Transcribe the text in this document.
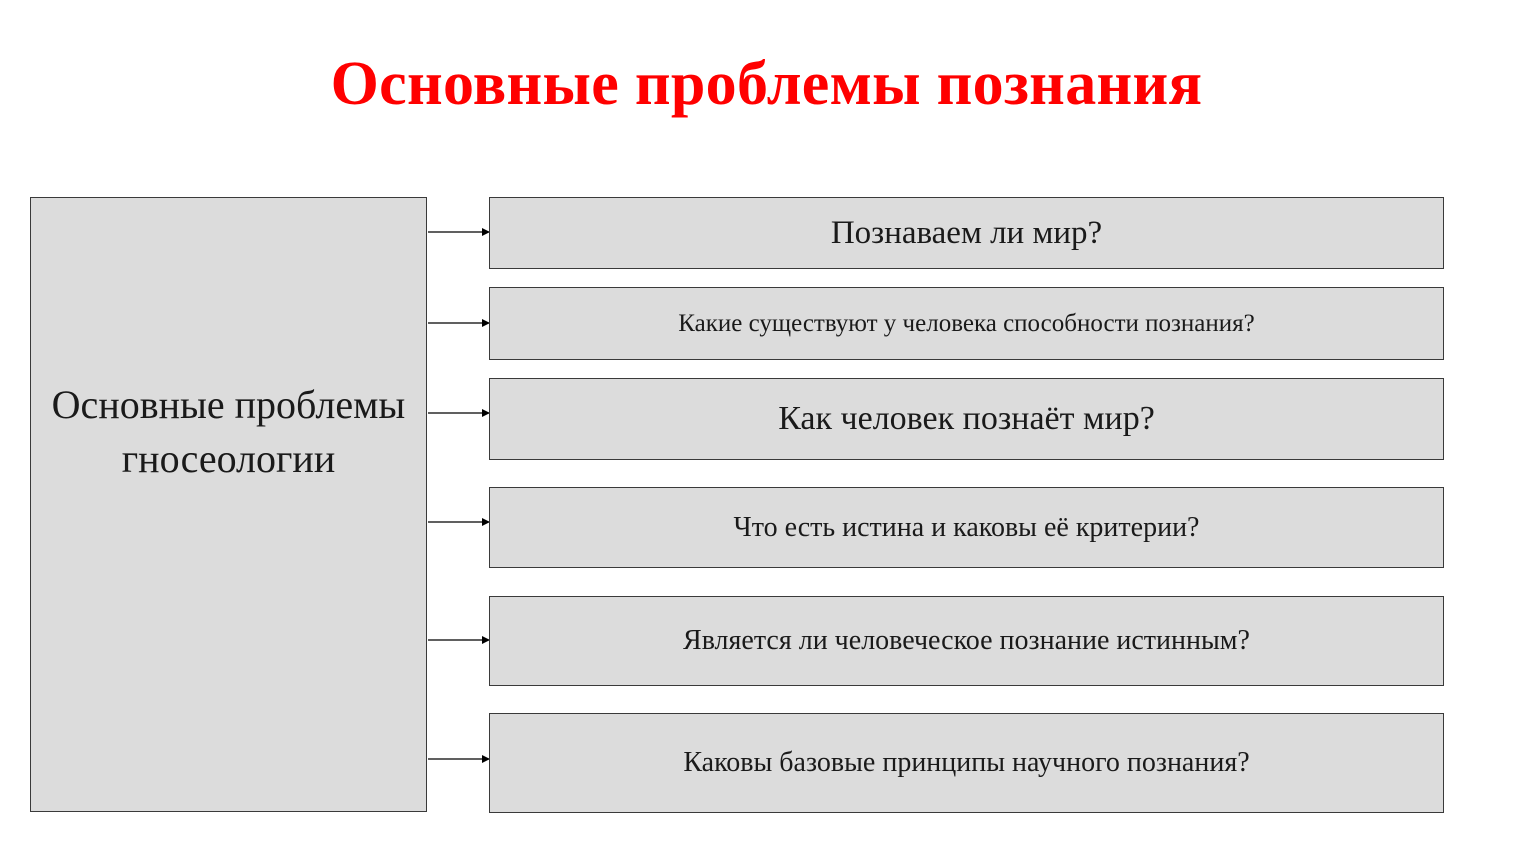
Основные проблемы познания
Основные проблемы гносеологии
Познаваем ли мир?
Какие существуют у человека способности познания?
Как человек познаёт мир?
Что есть истина и каковы её критерии?
Является ли человеческое познание истинным?
Каковы базовые принципы научного познания?
